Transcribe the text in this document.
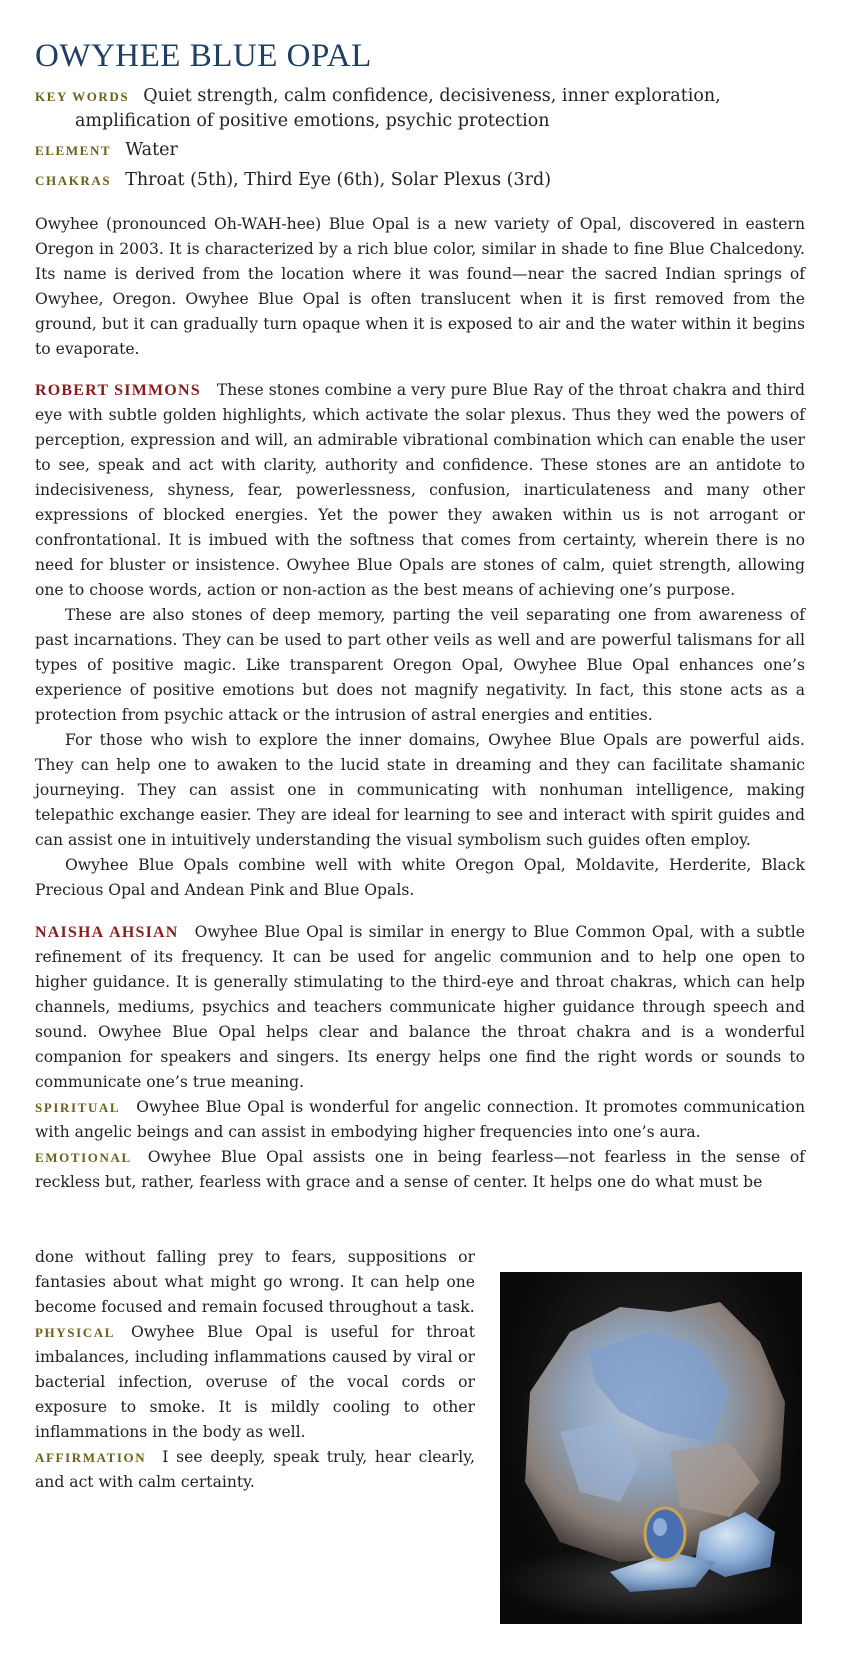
OWYHEE BLUE OPAL
KEY WORDS Quiet strength, calm confidence, decisiveness, inner exploration, amplification of positive emotions, psychic protection
ELEMENT Water
CHAKRAS Throat (5th), Third Eye (6th), Solar Plexus (3rd)

Owyhee (pronounced Oh-WAH-hee) Blue Opal is a new variety of Opal, discovered in eastern Oregon in 2003. It is characterized by a rich blue color, similar in shade to fine Blue Chalcedony. Its name is derived from the location where it was found—near the sacred Indian springs of Owyhee, Oregon. Owyhee Blue Opal is often translucent when it is first removed from the ground, but it can gradually turn opaque when it is exposed to air and the water within it begins to evaporate.

ROBERT SIMMONS These stones combine a very pure Blue Ray of the throat chakra and third eye with subtle golden highlights, which activate the solar plexus. Thus they wed the powers of perception, expression and will, an admirable vibrational combination which can enable the user to see, speak and act with clarity, authority and confidence. These stones are an antidote to indecisiveness, shyness, fear, powerlessness, confusion, inarticulateness and many other expressions of blocked energies. Yet the power they awaken within us is not arrogant or confrontational. It is imbued with the softness that comes from certainty, wherein there is no need for bluster or insistence. Owyhee Blue Opals are stones of calm, quiet strength, allowing one to choose words, action or non-action as the best means of achieving one’s purpose.

These are also stones of deep memory, parting the veil separating one from awareness of past incarnations. They can be used to part other veils as well and are powerful talismans for all types of positive magic. Like transparent Oregon Opal, Owyhee Blue Opal enhances one’s experience of positive emotions but does not magnify negativity. In fact, this stone acts as a protection from psychic attack or the intrusion of astral energies and entities.

For those who wish to explore the inner domains, Owyhee Blue Opals are powerful aids. They can help one to awaken to the lucid state in dreaming and they can facilitate shamanic journeying. They can assist one in communicating with nonhuman intelligence, making telepathic exchange easier. They are ideal for learning to see and interact with spirit guides and can assist one in intuitively understanding the visual symbolism such guides often employ.

Owyhee Blue Opals combine well with white Oregon Opal, Moldavite, Herderite, Black Precious Opal and Andean Pink and Blue Opals.

NAISHA AHSIAN Owyhee Blue Opal is similar in energy to Blue Common Opal, with a subtle refinement of its frequency. It can be used for angelic communion and to help one open to higher guidance. It is generally stimulating to the third-eye and throat chakras, which can help channels, mediums, psychics and teachers communicate higher guidance through speech and sound. Owyhee Blue Opal helps clear and balance the throat chakra and is a wonderful companion for speakers and singers. Its energy helps one find the right words or sounds to communicate one’s true meaning.

SPIRITUAL Owyhee Blue Opal is wonderful for angelic connection. It promotes communication with angelic beings and can assist in embodying higher frequencies into one’s aura.

EMOTIONAL Owyhee Blue Opal assists one in being fearless—not fearless in the sense of reckless but, rather, fearless with grace and a sense of center. It helps one do what must be

done without falling prey to fears, suppositions or fantasies about what might go wrong. It can help one become focused and remain focused throughout a task.

PHYSICAL Owyhee Blue Opal is useful for throat imbalances, including inflammations caused by viral or bacterial infection, overuse of the vocal cords or exposure to smoke. It is mildly cooling to other inflammations in the body as well.

AFFIRMATION I see deeply, speak truly, hear clearly, and act with calm certainty.
